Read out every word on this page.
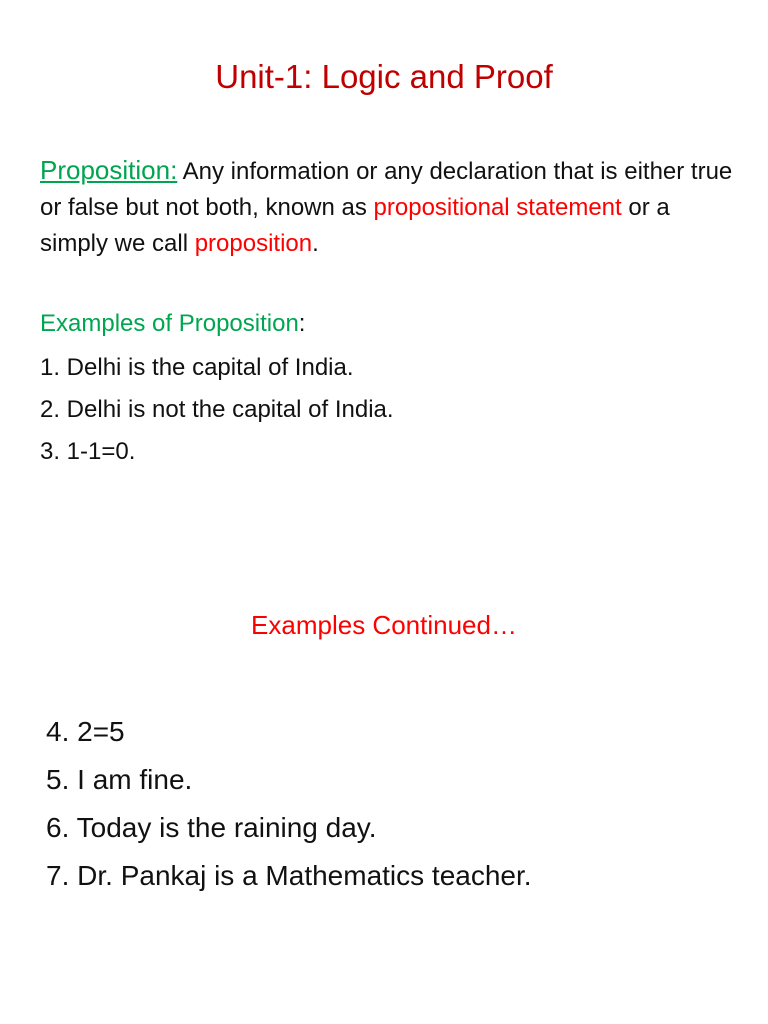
Unit-1: Logic and Proof

Proposition: Any information or any declaration that is either true or false but not both, known as propositional statement or a simply we call proposition.

Examples of Proposition:

1. Delhi is the capital of India.
2. Delhi is not the capital of India.
3. 1-1=0.

Examples Continued…

4. 2=5
5. I am fine.
6. Today is the raining day.
7. Dr. Pankaj is a Mathematics teacher.
